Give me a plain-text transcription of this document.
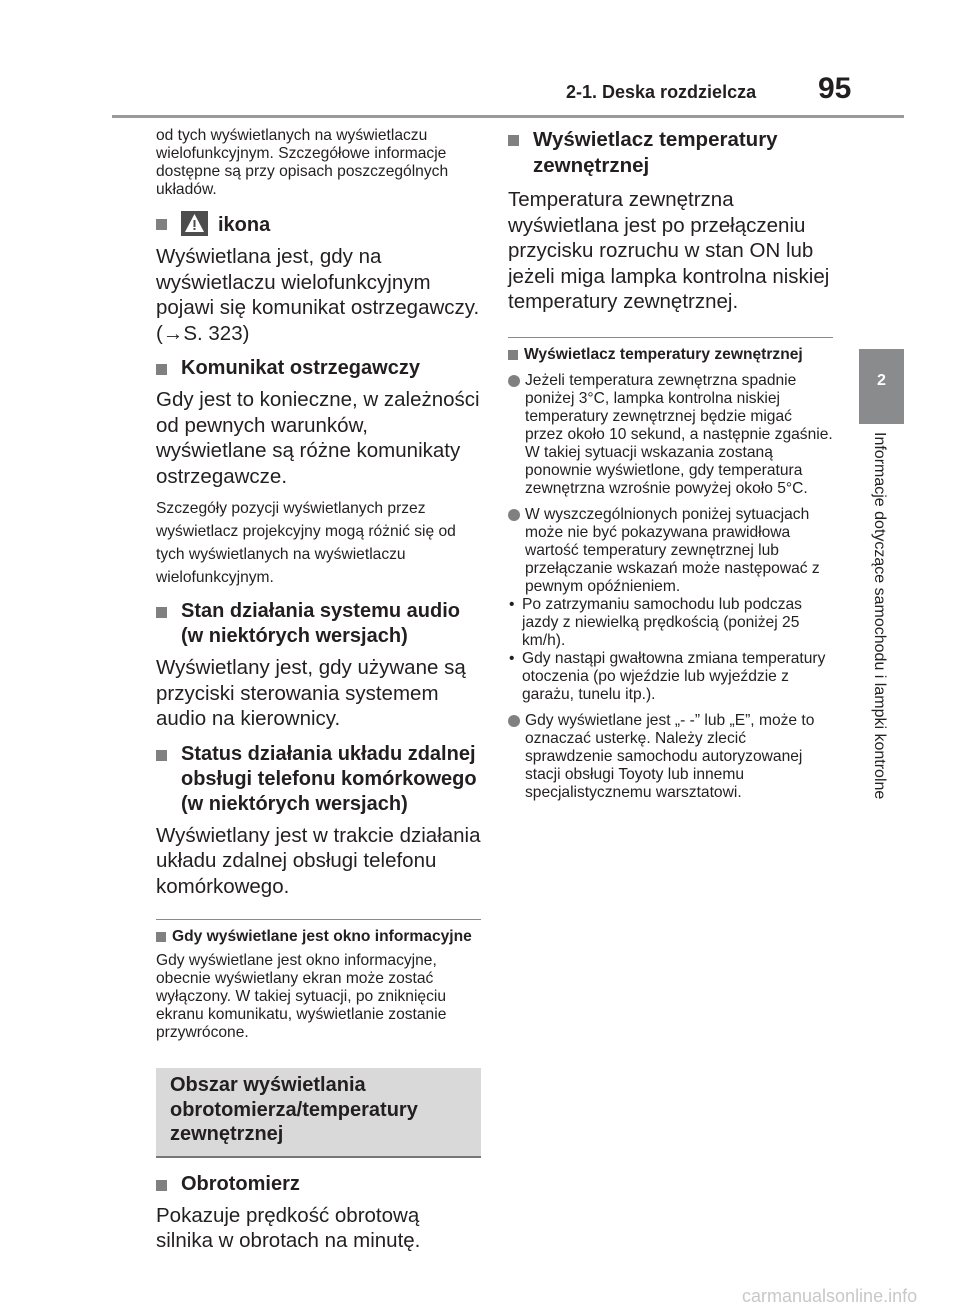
2-1. Deska rozdzielcza 95
2
Informacje dotyczące samochodu i lampki kontrolne

od tych wyświetlanych na wyświetlaczu wielofunkcyjnym. Szczegółowe informacje dostępne są przy opisach poszczególnych układów.

ikona

Wyświetlana jest, gdy na wyświetlaczu wielofunkcyjnym pojawi się komunikat ostrzegawczy. (→S. 323)

Komunikat ostrzegawczy

Gdy jest to konieczne, w zależności od pewnych warunków, wyświetlane są różne komunikaty ostrzegawcze.

Szczegóły pozycji wyświetlanych przez wyświetlacz projekcyjny mogą różnić się od tych wyświetlanych na wyświetlaczu wielofunkcyjnym.

Stan działania systemu audio (w niektórych wersjach)

Wyświetlany jest, gdy używane są przyciski sterowania systemem audio na kierownicy.

Status działania układu zdalnej obsługi telefonu komórkowego (w niektórych wersjach)

Wyświetlany jest w trakcie działania układu zdalnej obsługi telefonu komórkowego.

Gdy wyświetlane jest okno informacyjne

Gdy wyświetlane jest okno informacyjne, obecnie wyświetlany ekran może zostać wyłączony. W takiej sytuacji, po zniknięciu ekranu komunikatu, wyświetlanie zostanie przywrócone.

Obszar wyświetlania obrotomierza/temperatury zewnętrznej
Obrotomierz

Pokazuje prędkość obrotową silnika w obrotach na minutę.

Wyświetlacz temperatury zewnętrznej

Temperatura zewnętrzna wyświetlana jest po przełączeniu przycisku rozruchu w stan ON lub jeżeli miga lampka kontrolna niskiej temperatury zewnętrznej.

Wyświetlacz temperatury zewnętrznej
Jeżeli temperatura zewnętrzna spadnie poniżej 3°C, lampka kontrolna niskiej temperatury zewnętrznej będzie migać przez około 10 sekund, a następnie zgaśnie. W takiej sytuacji wskazania zostaną ponownie wyświetlone, gdy temperatura zewnętrzna wzrośnie powyżej około 5°C.
W wyszczególnionych poniżej sytuacjach może nie być pokazywana prawidłowa wartość temperatury zewnętrznej lub przełączanie wskazań może następować z pewnym opóźnieniem.
• Po zatrzymaniu samochodu lub podczas jazdy z niewielką prędkością (poniżej 25 km/h).
• Gdy nastąpi gwałtowna zmiana temperatury otoczenia (po wjeździe lub wyjeździe z garażu, tunelu itp.).
Gdy wyświetlane jest „- -” lub „E”, może to oznaczać usterkę. Należy zlecić sprawdzenie samochodu autoryzowanej stacji obsługi Toyoty lub innemu specjalistycznemu warsztatowi.
carmanualsonline.info
